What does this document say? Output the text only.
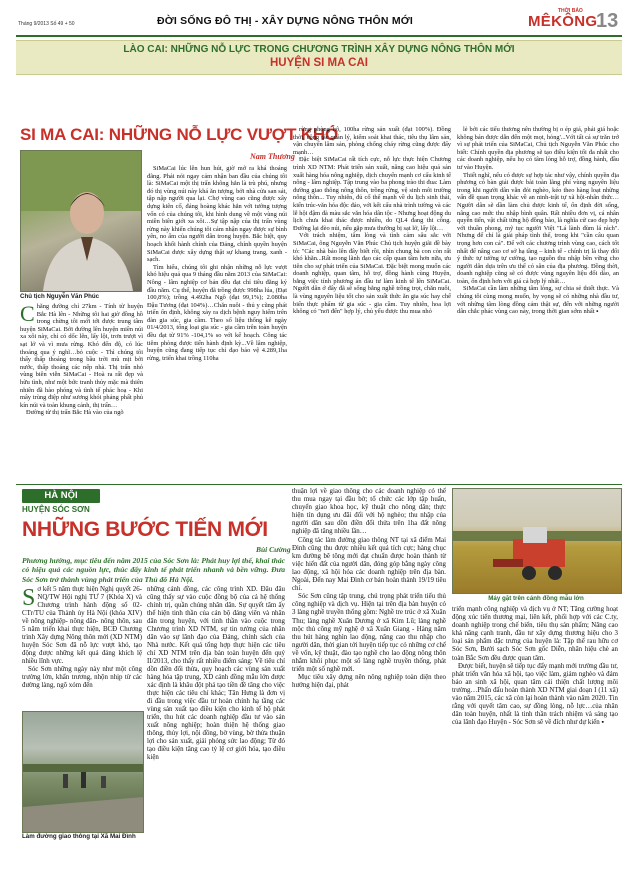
Tháng 9/2013 Số 49 + 50	ĐỜI SỐNG ĐÔ THỊ - XÂY DỰNG NÔNG THÔN MỚI
THỜI BÁO
MÊKÔNG
13
LÀO CAI: NHỮNG NỖ LỰC TRONG CHƯƠNG TRÌNH XÂY DỰNG NÔNG THÔN MỚI
HUYỆN SI MA CAI
SI MA CAI: NHỮNG NỖ LỰC VƯỢT KHÓ
Nam Thương
Chủ tịch Nguyễn Văn Phúc
C hăng đường chỉ 27km - Tính từ huyện Bắc Hà lên - Những tôi hai giờ đồng hồ trong chừng tôi mới tới được trung tâm huyện SiMaCai. Bởi đường lên huyện miền núi xa xôi này, chỉ có dốc lên, lấy lội, trơn trượt vì sạt lở và vì mưa rừng. Khó đến độ, có lúc thoáng qua ý nghĩ…bỏ cuộc - Thì chúng tôi thấy thấp thoáng trong bầu trời mù mịt bởi nước, thấp thoáng các nếp nhà. Thị trấn nhỏ vùng biên viễn SiMaCai - Hoà ra rất đẹp và hữu tình, như một bức tranh thủy mặc mà thiên nhiên đã hào phóng và tình tế phác hoạ - Khi mây trùng điệp như sương khói phảng phất phủ kín núi và toàn khung cảnh, thị trấn…

Đường từ thị trấn Bắc Hà vào của ngõ

SiMaCai lúc lên hun hút, giờ mở ra khá thoáng đãng. Phải nói ngay cảm nhận ban đầu của chúng tôi là: SiMaCai một thị trấn không hẳn là trù phú, nhưng đó thị vùng núi này khá ăn tượng, bởi nhà cửa san sát, tập nập người qua lại. Chợ vùng cao cũng được xây dựng kiên cố, đảng hoàng khác hẳn với tưởng tượng vốn có của chúng tôi, khi hình dung về một vùng núi miền biên giới xa xôi…Sự tập nập của thị trấn vùng rừng này khiến chúng tôi cảm nhận ngay được sự bình yên, no ấm của người dân trong huyện. Bắc biệt, quy hoạch khối hành chính của Đảng, chính quyền huyện SiMaCai được xây dựng thật sự khang trang, xanh - sạch.

Tìm hiểu, chúng tôi ghi nhận những nỗ lực vượt khó hiệu quả qua 9 tháng đầu năm 2013 của SiMaCai: Nông - lâm nghiệp cơ bản đều đạt chỉ tiêu đăng ký đầu năm. Cụ thể, huyện đã trồng được 998ha lúa, (Đạt 100,8%); trồng 4.492ha Ngô (đạt 99,1%); 2.080ha Đậu Tương (đạt 104%)…Chăn nuôi - thủ y cũng phát triển ổn định, không xảy ra dịch bệnh nguy hiểm trên đàn gia súc, gia cầm. Theo số liệu thống kê ngày 01/4/2013, tổng loại gia súc - gia cầm trên toàn huyện đều đạt từ 91% -104,1% so với kế hoạch. Công tác tiêm phòng được tiến hành định kỳ...Về lâm nghiệp, huyện cũng đang tiếp tục chỉ đạo bảo vệ 4.289,1ha rừng, triển khai trồng 110ha

rừng phòng hộ, 100ha rừng sản xuất (đạt 100%). Đồng thời, công tác quản lý, kiểm soát khai thác, tiêu thụ lâm sản, vận chuyển lâm sản, phòng chống cháy rừng cũng được đẩy mạnh…

Đặc biệt SiMaCai rất tích cực, nỗ lực thực hiện Chương trình XD NTM: Phát triển sản xuất, nâng cao hiệu quả sản xuất hàng hóa nông nghiệp, dịch chuyển mạnh cơ cấu kinh tế nông - lâm nghiệp. Tập trung vào ba phong trào thi đua: Làm đường giao thông nông thôn, trồng rừng, vệ sinh môi trường nông thôn... Tuy nhiên, đủ cố thể mạnh về du lịch sinh thái, kiến trúc-văn hóa độc đáo, với kết cấu nhà trình tường và các lễ hội đậm đà màu sắc văn hóa dân tộc - Nhưng hoạt động du lịch chưa khai thác được nhiều, do QL4 đang thi công. Đường lại đèo núi, nếu gặp mưa thường bị sạt lở, lấy lội…

Với trách nhiệm, tâm lòng và tình cảm sâu sắc với SiMaCai, ông Nguyễn Văn Phúc Chủ tịch huyện giãi đề bày tỏ: "Các nhà bảo lên đây biết rồi, nhìn chung bà con còn rất khó khăn...Rất mong lãnh đạo các cấp quan tâm hơn nữa, ưu tiên cho sự phát triển của SiMaCai. Đặc biệt mong muốn các doanh nghiệp, quan tâm, hỗ trợ, đồng hành cùng Huyện, bằng việc tính phương án đầu tư làm kinh tế lên SiMaCai. Người dân ở đây đã sẽ sống bằng nghề trồng trọt, chăn nuôi, là vùng nguyên liệu tốt cho sản xuất thức ăn gia súc hay chế biến thực phẩm từ gia súc - gia cầm. Tuy nhiên, hoa lợi không có "nơi đến" hợp lý, chủ yếu được thu mua nhỏ

lẻ bởi các tiểu thương nên thường bị o ép giá, phải giá hoặc không bán được dẫn đến một mọt, hỏng'...Với tất cả sự trăn trở vì sự phát triển của SiMaCai, Chủ tịch Nguyễn Văn Phúc cho biết: Chính quyền địa phương sẽ tạo điều kiện tối đa nhất cho các doanh nghiệp, nếu họ có tâm lòng hỗ trợ, đồng hành, đầu tư vào Huyện.

Thiết nghĩ, nếu có được sự hợp tác như vậy, chính quyền địa phương có bàn giải được bài toàn lãng phí vùng nguyên liệu trong khi người dân vẫn đói nghèo, kéo theo hàng loạt những vấn đề quan trọng khác về an ninh-trật tự xã hội-nhân thức…Người dân sẽ dần làm chủ được kinh tế, ổn định đời sống, nâng cao mức thu nhập bình quân. Rất nhiều đơn vị, cá nhân quyền tiến, vật chất từng hộ đồng bào, là nghĩa cử cao đẹp hợp với thuần phong, mỹ tục người Việt "Lá lành đùm lá rách". Nhưng để chỉ là giải pháp tình thế, trong khi "cần câu quan trọng hơn con cá". Để với các chương trình vùng cao, cách tốt nhất để nâng cao cơ sở hạ tầng – kinh tế - chính trị là thay đổi ý thức tự tưởng tự cường, tạo nguồn thu nhập bền vững cho người dân dựa trên ưu thế có sẵn của địa phương. Đồng thời, doanh nghiệp cũng sẽ có được vùng nguyên liệu đối dào, an toàn, ổn định hơn với giá cả hợp lý nhất…

SiMaCai cần làm những tâm lòng, sự chia sẻ thiết thực. Và chúng tôi cùng mong muốn, hy vọng sẽ có những nhà đầu tư, với những tâm lòng đồng cảm thật sự, đến với những người dân chắc phác vùng cao này, trong thời gian sớm nhất ▪

HÀ NỘI
HUYỆN SÓC SƠN
NHỮNG BƯỚC TIẾN MỚI
Bùi Cường
Phương hướng, mục tiêu đến năm 2015 của Sóc Sơn là: Phát huy lợi thế, khai thác có hiệu quả các nguồn lực, thúc đẩy kinh tế phát triển nhanh và bền vững. Đưa Sóc Sơn trở thành vùng phát triển của Thủ đô Hà Nội.
S ơ kết 5 năm thực hiện Nghị quyết 26-NQ/TW Hội nghị TƯ 7 (Khóa X) và Chương trình hành động số 02-CTr/TU của Thành ủy Hà Nội (khóa XIV) về nông nghiệp- nông dân- nông thôn, sau 5 năm triển khai thực hiện, BCĐ Chương trình Xây dựng Nông thôn mới (XD NTM) huyện Sóc Sơn đã nỗ lực vượt khó, tạo động được những kết quả đáng khích lệ nhiều lĩnh vực.

Sóc Sơn những ngày này như một công trường lớn, khẩn trương, nhộn nhịp từ các đường làng, ngõ xóm đến

Làm đường giao thông tại Xã Mai Đình
những cánh đồng, các công trình XD. Đâu đâu cũng thấy sự vào cuộc đồng bộ của cả hệ thống chính trị, quần chúng nhân dân. Sự quyết tâm ấy thể hiện tinh thần của cán bộ đảng viên và nhân dân trong huyện, với tinh thần vào cuộc trong Chương trình XD NTM, sự tin tưởng của nhân dân vào sự lãnh đạo của Đảng, chính sách của Nhà nước. Kết quả tổng hợp thực hiện các tiêu chí XD NTM trên địa bàn toàn huyện đến quý II/2013, cho thấy rất nhiều điểm sáng: Về tiêu chí dồn điền đổi thửa, quy hoạch các vùng sản xuất hàng hóa tập trung, XD cánh đồng mẫu lớn được xác định là khâu đột phá tạo tiền đề tăng cho việc thực hiện các tiêu chí khác; Tân Hưng là đơn vị đi đầu trong việc đầu tư hoàn chỉnh hạ tầng các vùng sản xuất tạo điều kiện cho kinh tế hộ phát triển, thu hút các doanh nghiệp đầu tư vào sản xuất nông nghiệp; hoàn thiện hệ thống giao thông, thủy lợi, nội đồng, bờ vùng, bờ thửa thuận lợi cho sản xuất, giải phóng sức lao động; Từ đó tạo điều kiện tăng cao tỷ lệ cơ giới hóa, tạo điều kiện
thuận lợi về giao thông cho các doanh nghiệp có thể thu mua ngay tại đầu bờ; tổ chức các lớp tập huấn, chuyển giao khoa học, kỹ thuật cho nông dân; thực hiện tín dụng ưu đãi đối với hộ nghèo; thu nhập của người dân sau dồn điền đổi thửa trên 1ha đất nông nghiệp đã tăng nhiều lần…

Công tác làm đường giao thông NT tại xã điểm Mai Đình cũng thu được nhiều kết quả tích cực; hàng chục km đường bê tông mới đạt chuẩn được hoàn thành từ việc hiến đất của người dân, đóng góp bằng ngày công lao động, xã hội hóa các doanh nghiệp trên địa bàn. Ngoài, Đến nay Mai Đình cơ bản hoàn thành 19/19 tiêu chí.

Sóc Sơn cũng tập trung, chú trọng phát triển tiểu thủ công nghiệp và dịch vụ. Hiện tại trên địa bàn huyện có 3 làng nghề truyền thống gồm: Nghề tre trúc ở xã Xuân Thu; làng nghề Xuân Dương ở xã Kim Lũ; làng nghề mộc thủ công mỹ nghệ ở xã Xuân Giang - Hàng năm thu hút hàng nghìn lao động, nâng cao thu nhập cho người dân, thời gian tới huyện tiếp tục có những cơ chế về vốn, kỹ thuật, đào tạo nghề cho lao động nông thôn nhằm khôi phục một số làng nghề truyền thống, phát triển một số nghề mới.

Mục tiêu xây dựng nên nông nghiệp toàn diện theo hướng hiện đại, phát

Máy gặt trên cánh đồng mẫu lớn
triển mạnh công nghiệp và dịch vụ ở NT; Tăng cường hoạt động xúc tiến thương mại, liên kết, phối hợp với các C.ty, doanh nghiệp trong chế biến, tiêu thụ sản phẩm; Nâng cao khả năng cạnh tranh, đầu tư xây dựng thương hiệu cho 3 loại sản phẩm đặc trưng của huyện là: Tập thể rau hữu cơ Sóc Sơn, Bưởi sạch Sóc Sơn gốc Diễn, nhãn hiệu chè an toàn Bắc Sơn đều được quan tâm.

Được biết, huyện sẽ tiếp tục đẩy mạnh mới trường đầu tư, phát triển văn hóa xã hội, tạo việc làm, giảm nghèo và đảm bảo an sinh xã hội, quan tâm cải thiện chất lượng môi trường…Phấn đấu hoàn thành XD NTM giai đoạn I (11 xã) vào năm 2015, các xã còn lại hoàn thành vào năm 2020. Tin rằng với quyết tâm cao, sự đồng lòng, nỗ lực…của nhân dân toàn huyện, nhất là tinh thần trách nhiệm và sáng tạo của lãnh đạo Huyện - Sóc Sơn sẽ về đích như dự kiến ▪
